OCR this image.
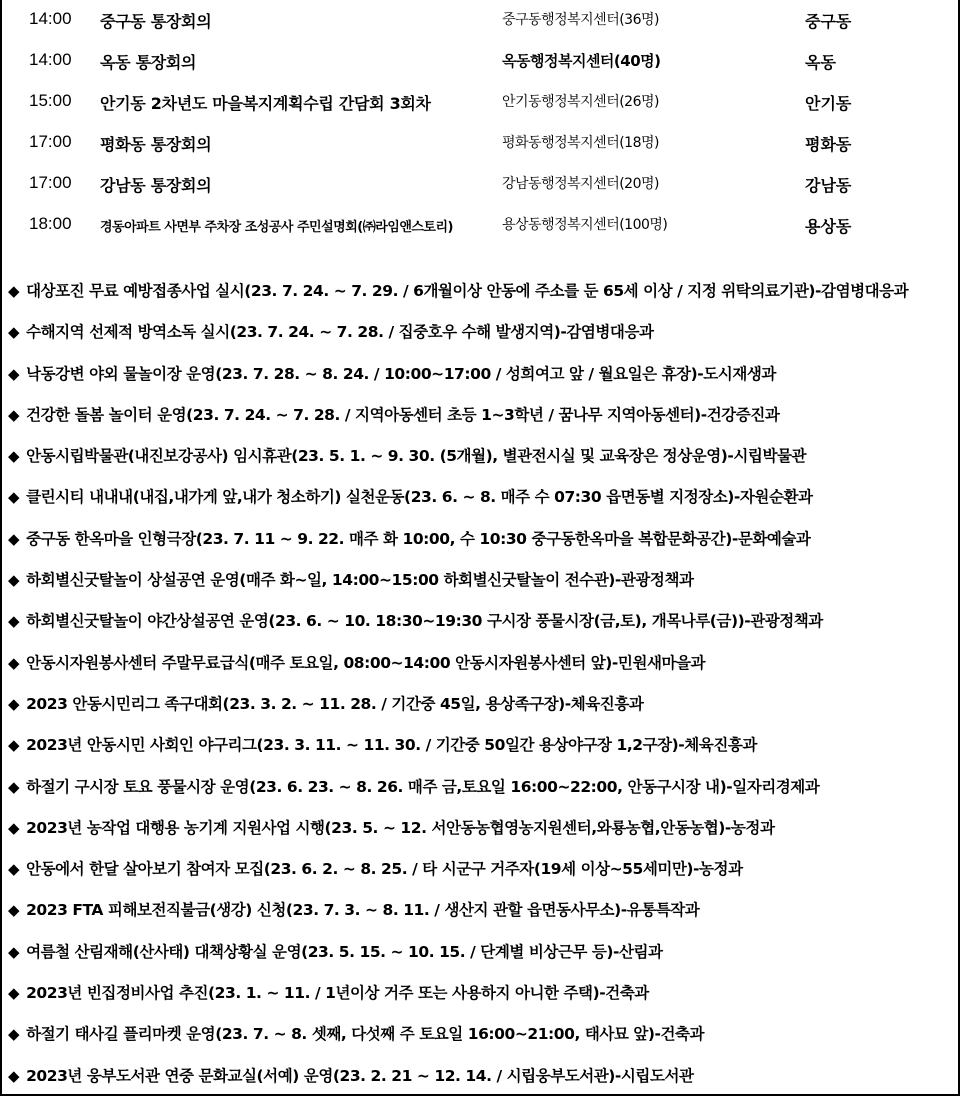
14:00 중구동 통장회의	중구동행정복지센터(36명)	중구동
14:00 옥동 통장회의	옥동행정복지센터(40명)	옥동
15:00 안기동 2차년도 마을복지계획수립 간담회 3회차	안기동행정복지센터(26명)	안기동
17:00 평화동 통장회의	평화동행정복지센터(18명)	평화동
17:00 강남동 통장회의	강남동행정복지센터(20명)	강남동
18:00 경동아파트 사면부 주차장 조성공사 주민설명회(㈜라임앤스토리)	용상동행정복지센터(100명)	용상동
◆ 대상포진 무료 예방접종사업 실시(23. 7. 24. ~ 7. 29. / 6개월이상 안동에 주소를 둔 65세 이상 / 지정 위탁의료기관)-감염병대응과
◆ 수해지역 선제적 방역소독 실시(23. 7. 24. ~ 7. 28. / 집중호우 수해 발생지역)-감염병대응과
◆ 낙동강변 야외 물놀이장 운영(23. 7. 28. ~ 8. 24. / 10:00~17:00 / 성희여고 앞 / 월요일은 휴장)-도시재생과
◆ 건강한 돌봄 놀이터 운영(23. 7. 24. ~ 7. 28. / 지역아동센터 초등 1~3학년 / 꿈나무 지역아동센터)-건강증진과
◆ 안동시립박물관(내진보강공사) 임시휴관(23. 5. 1. ~ 9. 30. (5개월), 별관전시실 및 교육장은 정상운영)-시립박물관
◆ 클린시티 내내내(내집,내가게 앞,내가 청소하기) 실천운동(23. 6. ~ 8. 매주 수 07:30 읍면동별 지정장소)-자원순환과
◆ 중구동 한옥마을 인형극장(23. 7. 11 ~ 9. 22. 매주 화 10:00, 수 10:30 중구동한옥마을 복합문화공간)-문화예술과
◆ 하회별신굿탈놀이 상설공연 운영(매주 화~일, 14:00~15:00 하회별신굿탈놀이 전수관)-관광정책과
◆ 하회별신굿탈놀이 야간상설공연 운영(23. 6. ~ 10. 18:30~19:30 구시장 풍물시장(금,토), 개목나루(금))-관광정책과
◆ 안동시자원봉사센터 주말무료급식(매주 토요일, 08:00~14:00 안동시자원봉사센터 앞)-민원새마을과
◆ 2023 안동시민리그 족구대회(23. 3. 2. ~ 11. 28. / 기간중 45일, 용상족구장)-체육진흥과
◆ 2023년 안동시민 사회인 야구리그(23. 3. 11. ~ 11. 30. / 기간중 50일간 용상야구장 1,2구장)-체육진흥과
◆ 하절기 구시장 토요 풍물시장 운영(23. 6. 23. ~ 8. 26. 매주 금,토요일 16:00~22:00, 안동구시장 내)-일자리경제과
◆ 2023년 농작업 대행용 농기계 지원사업 시행(23. 5. ~ 12. 서안동농협영농지원센터,와룡농협,안동농협)-농정과
◆ 안동에서 한달 살아보기 참여자 모집(23. 6. 2. ~ 8. 25. / 타 시군구 거주자(19세 이상~55세미만)-농정과
◆ 2023 FTA 피해보전직불금(생강) 신청(23. 7. 3. ~ 8. 11. / 생산지 관할 읍면동사무소)-유통특작과
◆ 여름철 산림재해(산사태) 대책상황실 운영(23. 5. 15. ~ 10. 15. / 단계별 비상근무 등)-산림과
◆ 2023년 빈집정비사업 추진(23. 1. ~ 11. / 1년이상 거주 또는 사용하지 아니한 주택)-건축과
◆ 하절기 태사길 플리마켓 운영(23. 7. ~ 8. 셋째, 다섯째 주 토요일 16:00~21:00, 태사묘 앞)-건축과
◆ 2023년 웅부도서관 연중 문화교실(서예) 운영(23. 2. 21 ~ 12. 14. / 시립웅부도서관)-시립도서관
